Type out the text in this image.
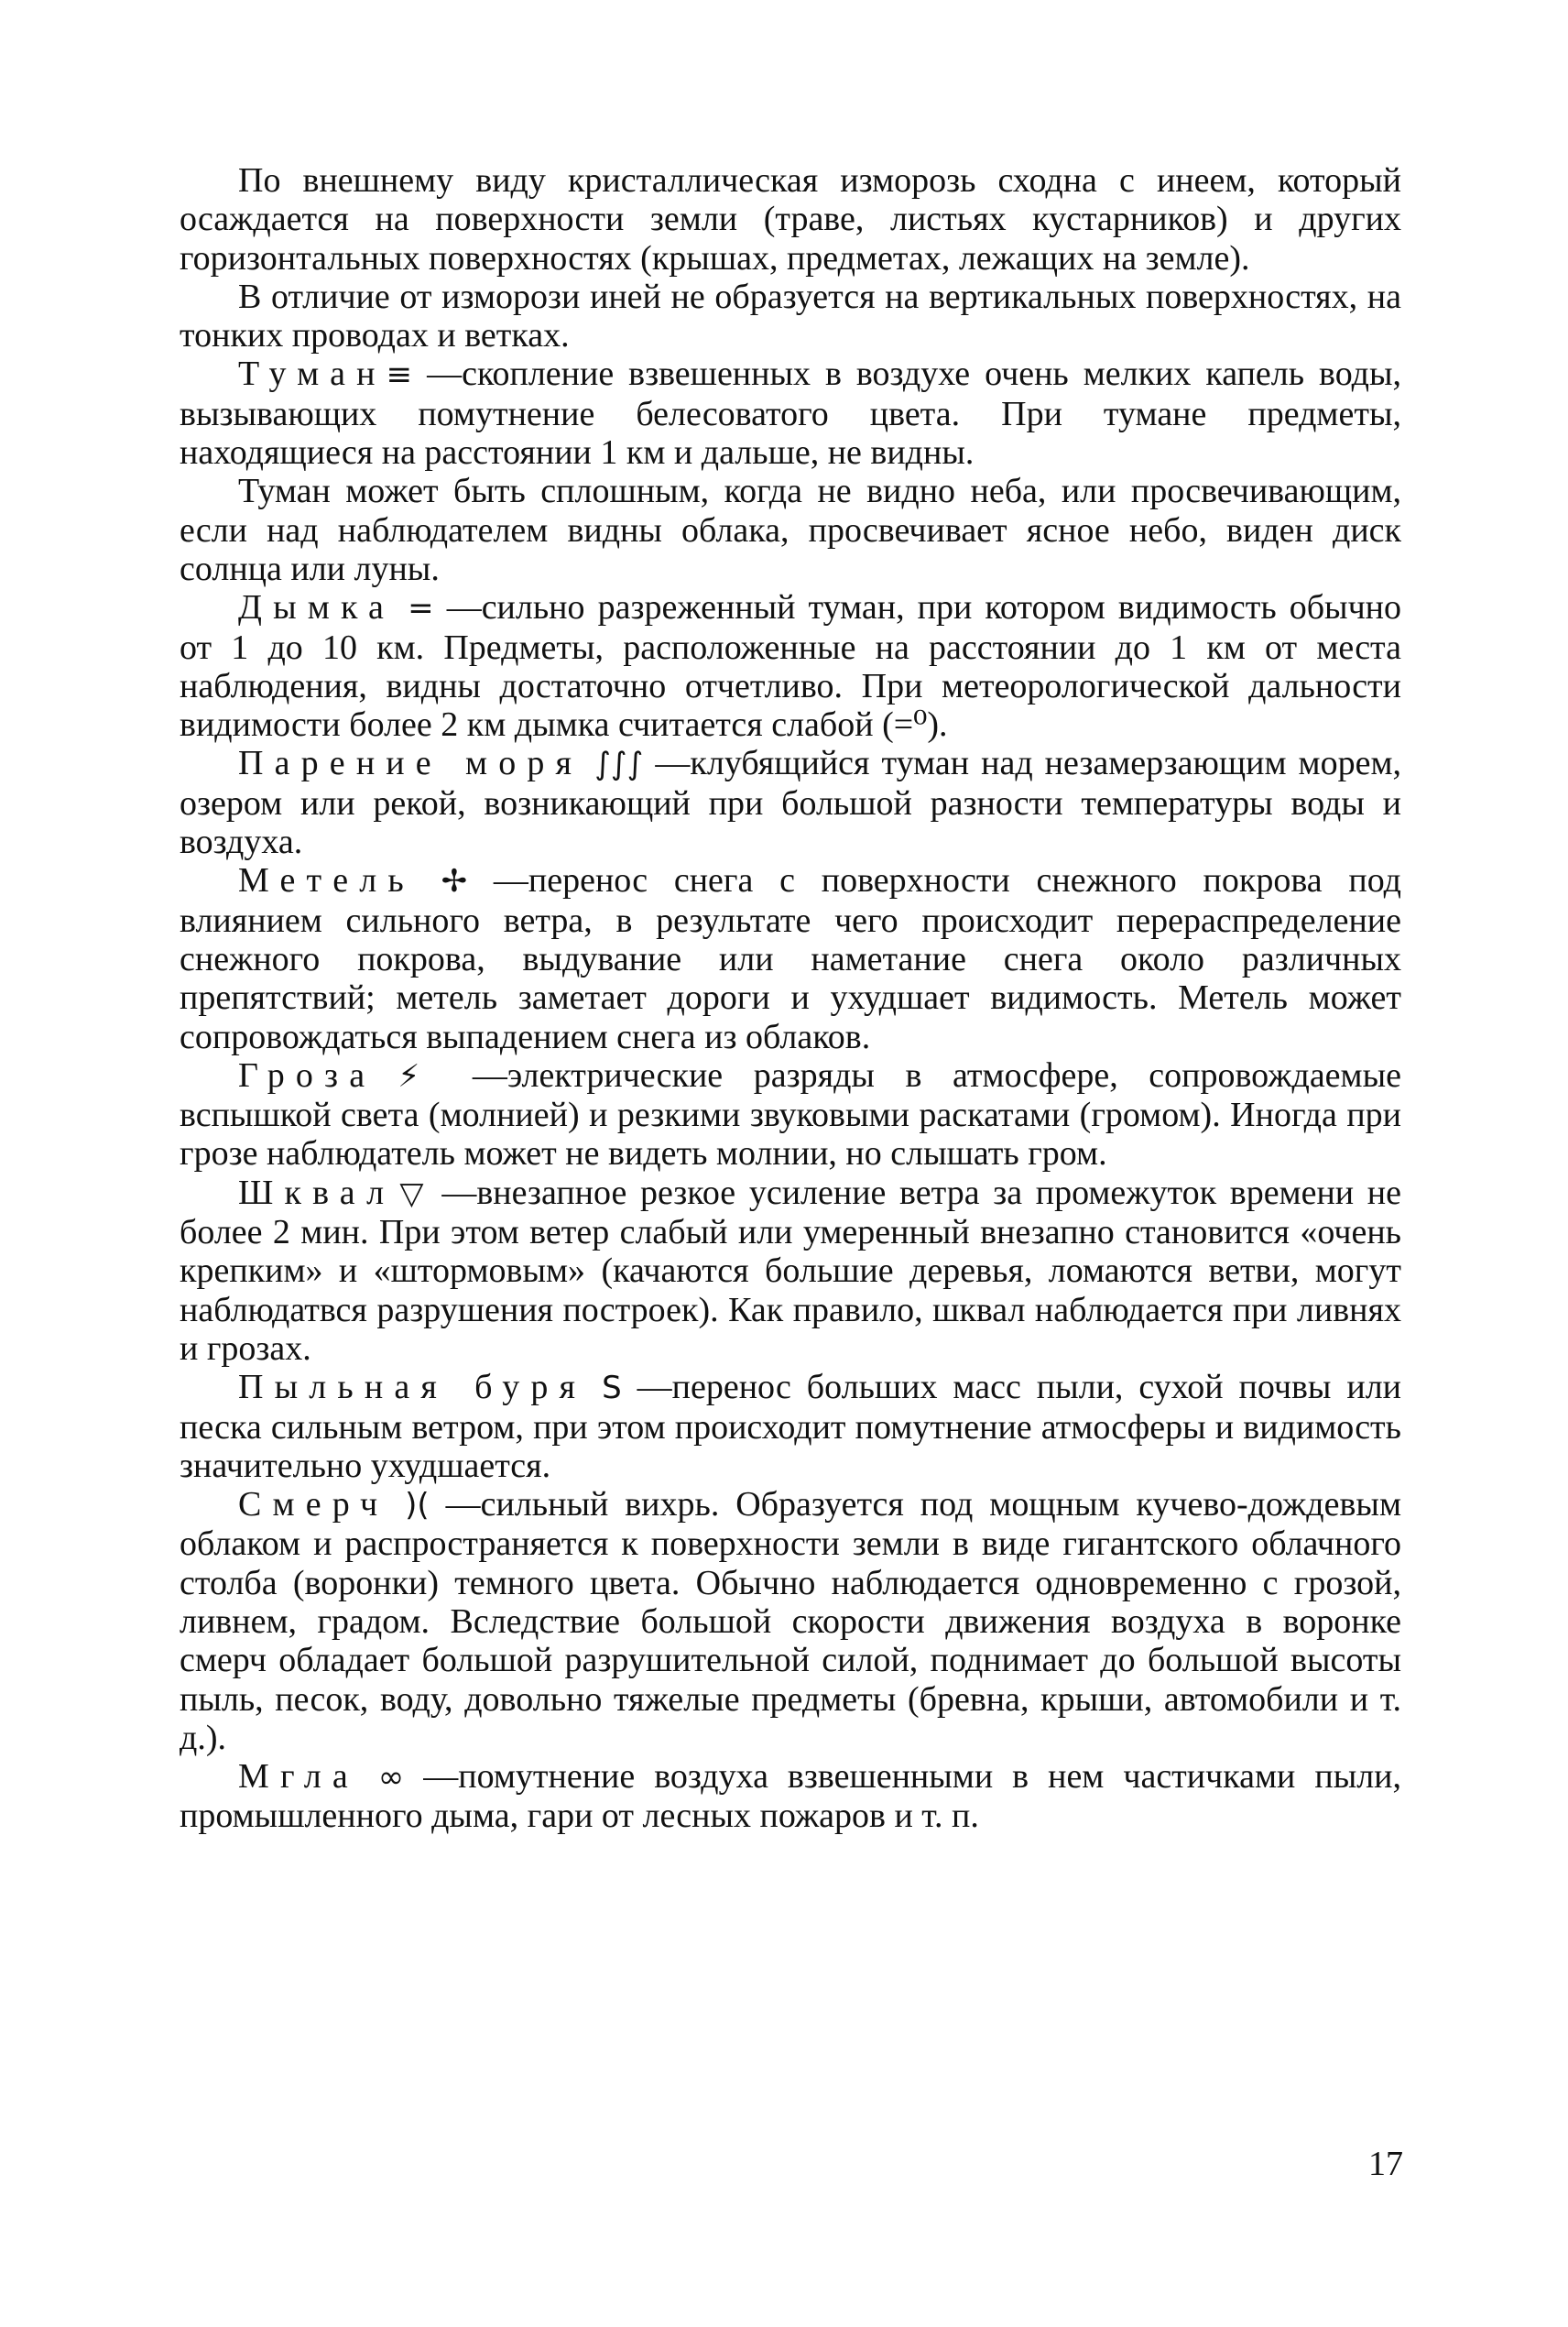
По внешнему виду кристаллическая изморозь сходна с инеем, который осаждается на поверхности земли (траве, листьях кустарников) и других горизонтальных поверхностях (крышах, предметах, лежащих на земле).

В отличие от изморози иней не образуется на вертикальных поверхностях, на тонких проводах и ветках.

Туман≡ —скопление взвешенных в воздухе очень мелких капель воды, вызывающих помутнение белесоватого цвета. При тумане предметы, находящиеся на расстоянии 1 км и дальше, не видны.

Туман может быть сплошным, когда не видно неба, или просвечивающим, если над наблюдателем видны облака, просвечивает ясное небо, виден диск солнца или луны.

Дымка = —сильно разреженный туман, при котором видимость обычно от 1 до 10 км. Предметы, расположенные на расстоянии до 1 км от места наблюдения, видны достаточно отчетливо. При метеорологической дальности видимости более 2 км дымка считается слабой (=⁰).

Парение моря ∫∫∫ —клубящийся туман над незамерзающим морем, озером или рекой, возникающий при большой разности температуры воды и воздуха.

Метель ✢ —перенос снега с поверхности снежного покрова под влиянием сильного ветра, в результате чего происходит перераспределение снежного покрова, выдувание или наметание снега около различных препятствий; метель заметает дороги и ухудшает видимость. Метель может сопровождаться выпадением снега из облаков.

Гроза⚡ —электрические разряды в атмосфере, сопровождаемые вспышкой света (молнией) и резкими звуковыми раскатами (громом). Иногда при грозе наблюдатель может не видеть молнии, но слышать гром.

Шквал▽ —внезапное резкое усиление ветра за промежуток времени не более 2 мин. При этом ветер слабый или умеренный внезапно становится «очень крепким» и «штормовым» (качаются большие деревья, ломаются ветви, могут наблюдатвся разрушения построек). Как правило, шквал наблюдается при ливнях и грозах.

Пыльная буря S —перенос больших масс пыли, сухой почвы или песка сильным ветром, при этом происходит помутнение атмосферы и видимость значительно ухудшается.

Смерч )( —сильный вихрь. Образуется под мощным кучево-дождевым облаком и распространяется к поверхности земли в виде гигантского облачного столба (воронки) темного цвета. Обычно наблюдается одновременно с грозой, ливнем, градом. Вследствие большой скорости движения воздуха в воронке смерч обладает большой разрушительной силой, поднимает до большой высоты пыль, песок, воду, довольно тяжелые предметы (бревна, крыши, автомобили и т. д.).

Мгла ∞ —помутнение воздуха взвешенными в нем частичками пыли, промышленного дыма, гари от лесных пожаров и т. п.

17
